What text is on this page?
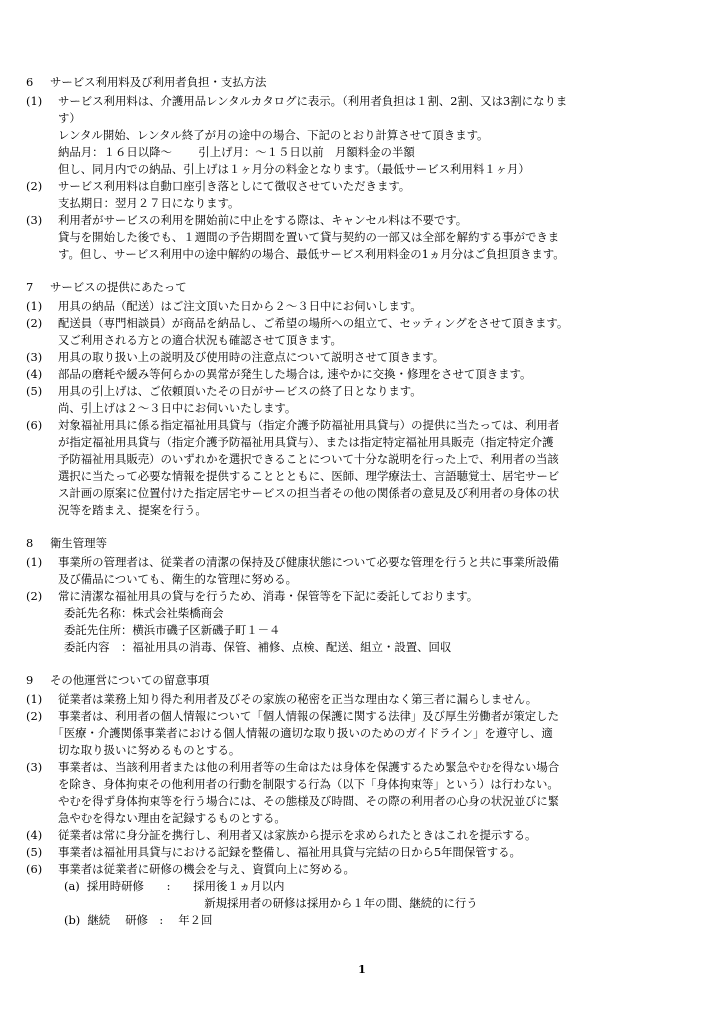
6 サービス利用料及び利用者負担・支払方法
(1) サービス利用料は、介護用品レンタルカタログに表示。（利用者負担は１割、2割、又は3割になりま
す）
レンタル開始、レンタル終了が月の途中の場合、下記のとおり計算させて頂きます。
納品月：１６日以降～　　 引上げ月：～１５日以前　月額料金の半額
但し、同月内での納品、引上げは１ヶ月分の料金となります。（最低サービス利用料１ヶ月）
(2) サービス利用料は自動口座引き落としにて徴収させていただきます。
支払期日：翌月２７日になります。
(3) 利用者がサービスの利用を開始前に中止をする際は、キャンセル料は不要です。
貸与を開始した後でも、１週間の予告期間を置いて貸与契約の一部又は全部を解約する事ができま
す。但し、サービス利用中の途中解約の場合、最低サービス利用料金の1ヵ月分はご負担頂きます。
7 サービスの提供にあたって
(1) 用具の納品（配送）はご注文頂いた日から２～３日中にお伺いします。
(2) 配送員（専門相談員）が商品を納品し、ご希望の場所への組立て、セッティングをさせて頂きます。
又ご利用される方との適合状況も確認させて頂きます。
(3) 用具の取り扱い上の説明及び使用時の注意点について説明させて頂きます。
(4) 部品の磨耗や緩み等何らかの異常が発生した場合は, 速やかに交換・修理をさせて頂きます。
(5) 用具の引上げは、ご依頼頂いたその日がサービスの終了日となります。
尚、引上げは２～３日中にお伺いいたします。
(6) 対象福祉用具に係る指定福祉用具貸与（指定介護予防福祉用具貸与）の提供に当たっては、利用者
が指定福祉用具貸与（指定介護予防福祉用具貸与）、または指定特定福祉用具販売（指定特定介護
予防福祉用具販売）のいずれかを選択できることについて十分な説明を行った上で、利用者の当該
選択に当たって必要な情報を提供することとともに、医師、理学療法士、言語聴覚士、居宅サービ
ス計画の原案に位置付けた指定居宅サービスの担当者その他の関係者の意見及び利用者の身体の状
況等を踏まえ、提案を行う。
8 衛生管理等
(1) 事業所の管理者は、従業者の清潔の保持及び健康状態について必要な管理を行うと共に事業所設備
及び備品についても、衛生的な管理に努める。
(2) 常に清潔な福祉用具の貸与を行うため、消毒・保管等を下記に委託しております。
委託先名称：株式会社柴橋商会
委託先住所：横浜市磯子区新磯子町１－４
委託内容　：福祉用具の消毒、保管、補修、点検、配送、組立・設置、回収
9 その他運営についての留意事項
(1) 従業者は業務上知り得た利用者及びその家族の秘密を正当な理由なく第三者に漏らしません。
(2) 事業者は、利用者の個人情報について「個人情報の保護に関する法律」及び厚生労働者が策定した
｢医療・介護関係事業者における個人情報の適切な取り扱いのためのガイドライン」を遵守し、適
切な取り扱いに努めるものとする。
(3) 事業者は、当該利用者または他の利用者等の生命はたは身体を保護するため緊急やむを得ない場合
を除き、身体拘束その他利用者の行動を制限する行為（以下「身体拘束等」という）は行わない。
やむを得ず身体拘束等を行う場合には、その態様及び時間、その際の利用者の心身の状況並びに緊
急やむを得ない理由を記録するものとする。
(4) 従業者は常に身分証を携行し、利用者又は家族から提示を求められたときはこれを提示する。
(5) 事業者は福祉用具貸与における記録を整備し、福祉用具貸与完結の日から5年間保管する。
(6) 事業者は従業者に研修の機会を与え、資質向上に努める。
(a)  採用時研修　　:　　採用後１ヵ月以内
　　　　　　　　　　　　 新規採用者の研修は採用から１年の間、継続的に行う
(b)  継続　 研修　:　 年２回
1
